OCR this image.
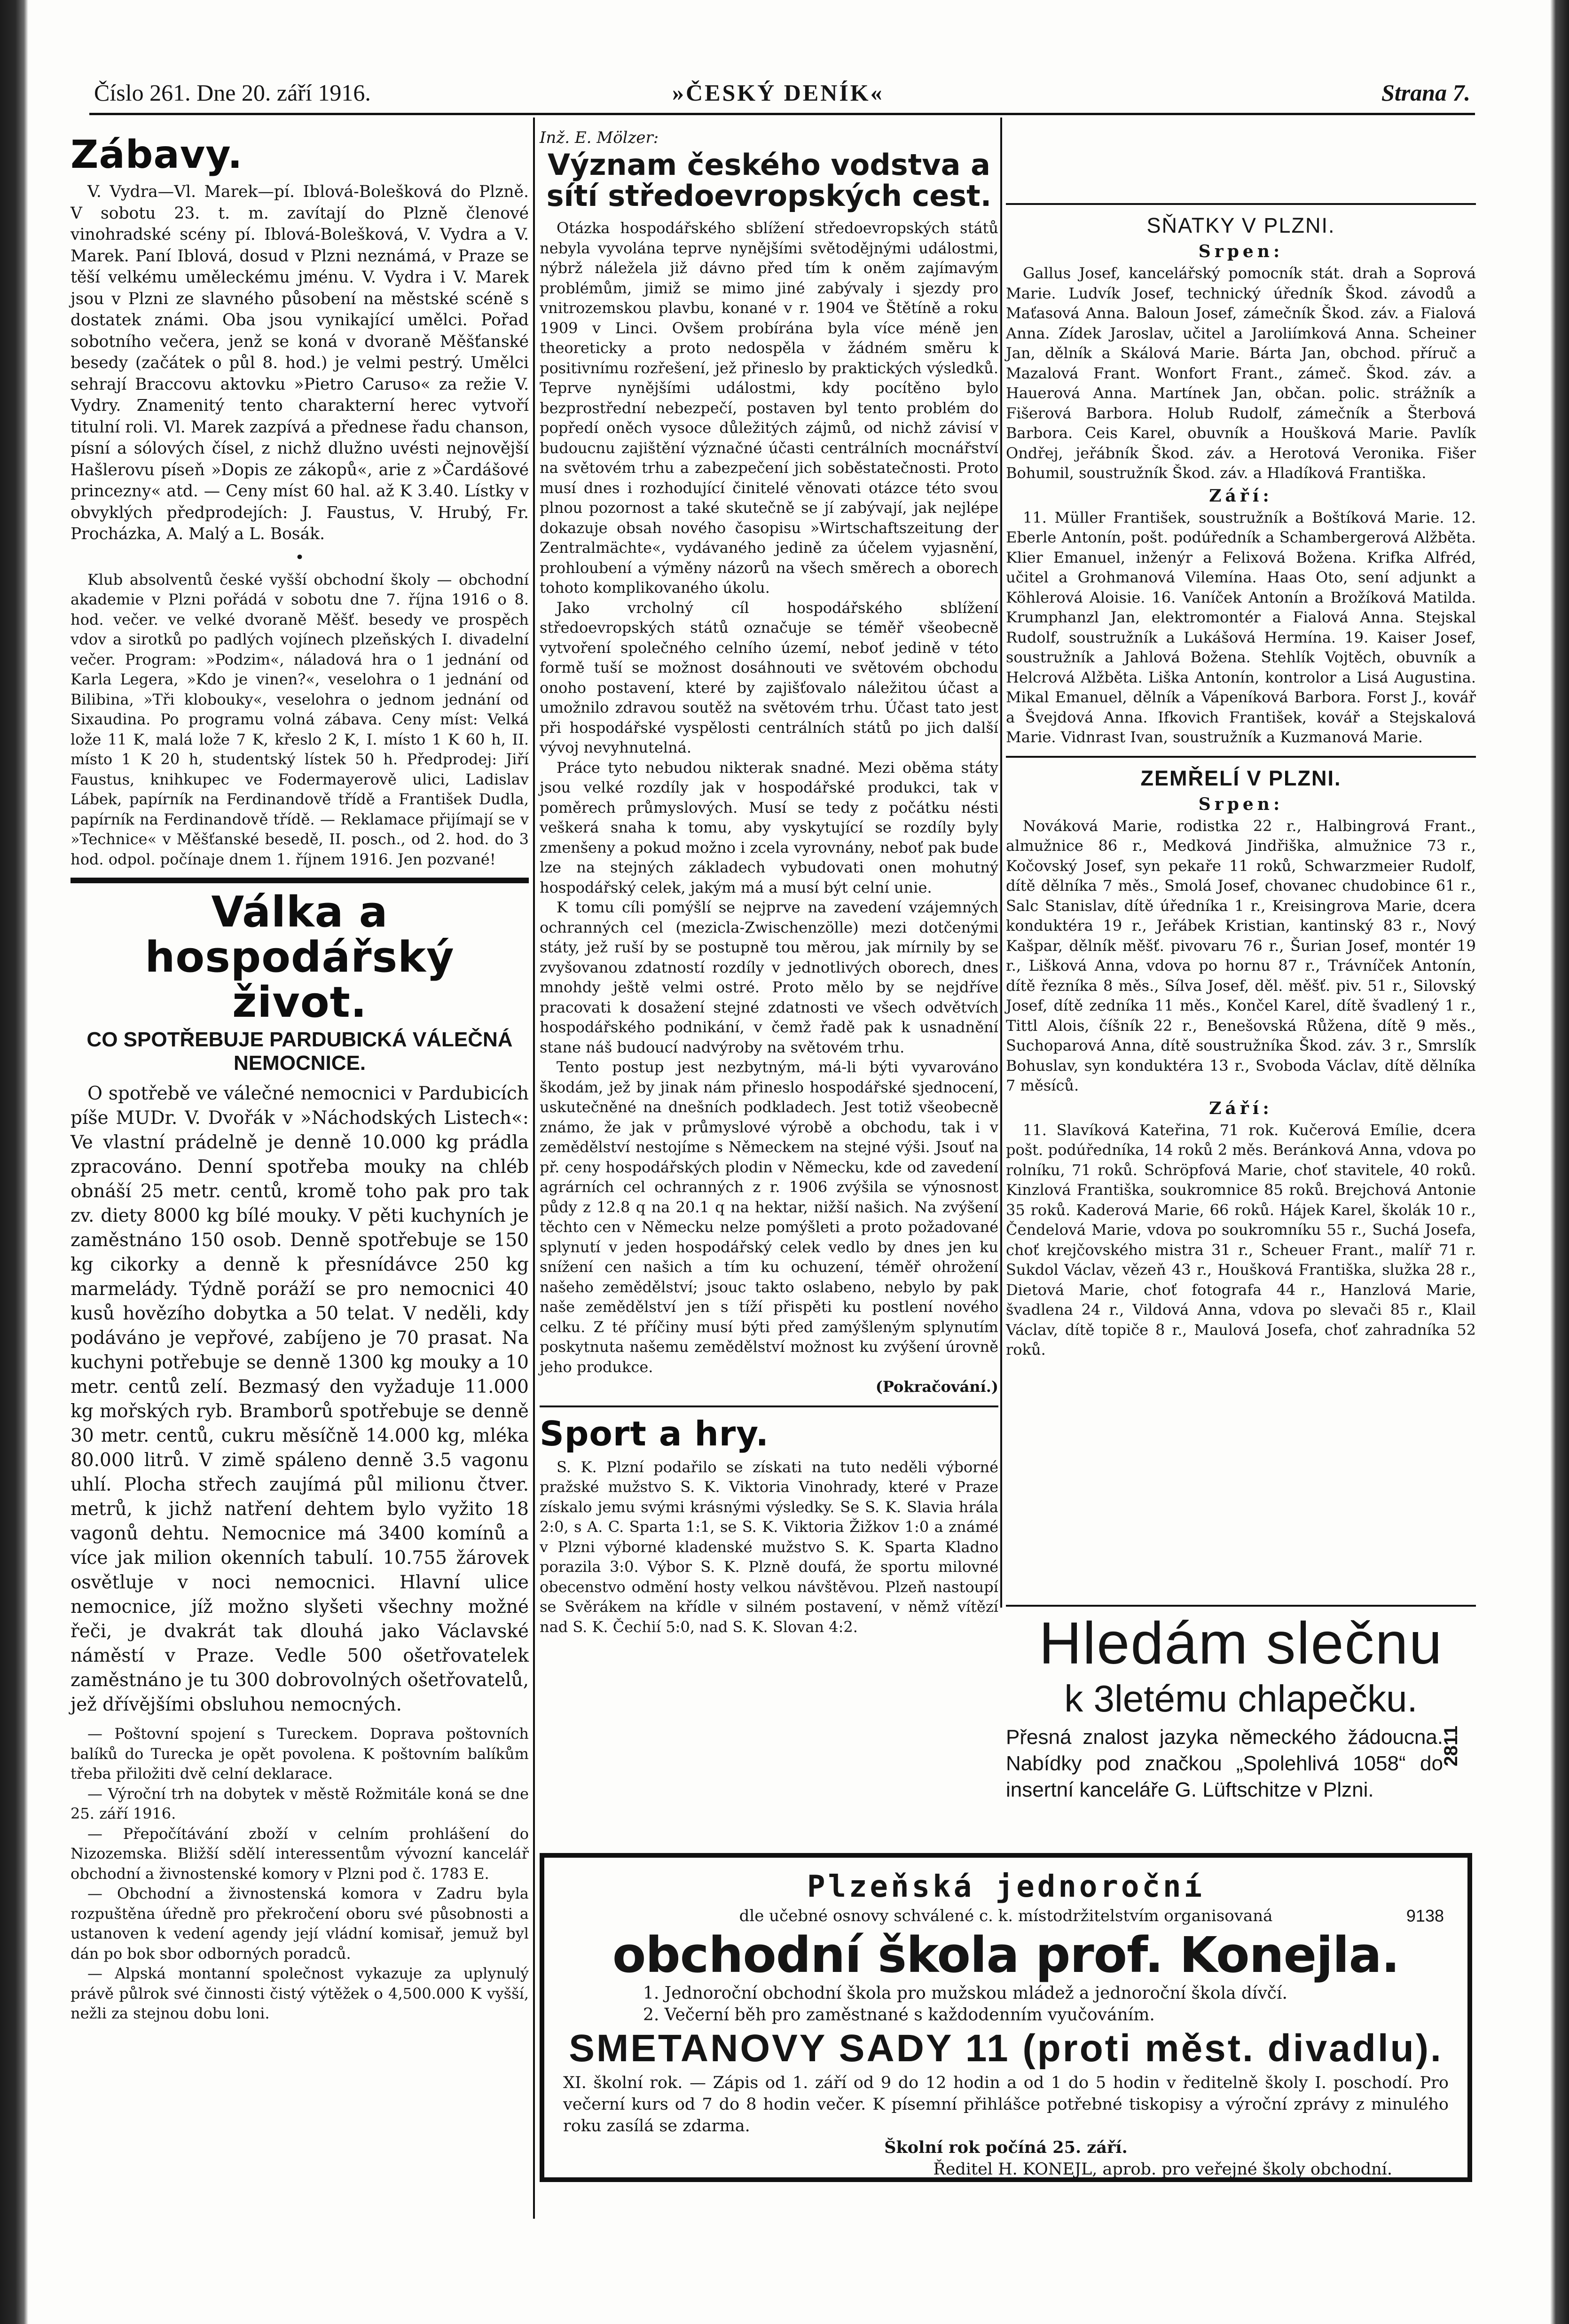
Číslo 261. Dne 20. září 1916.	»ČESKÝ DENÍK«	Strana 7.
Zábavy.

V. Vydra—Vl. Marek—pí. Iblová-Bolešková do Plzně. V sobotu 23. t. m. zavítají do Plzně členové vinohradské scény pí. Iblová-Bolešková, V. Vydra a V. Marek. Paní Iblová, dosud v Plzni neznámá, v Praze se těší velkému uměleckému jménu. V. Vydra i V. Marek jsou v Plzni ze slavného působení na městské scéně s dostatek známi. Oba jsou vynikající umělci. Pořad sobotního večera, jenž se koná v dvoraně Měšťanské besedy (začátek o půl 8. hod.) je velmi pestrý. Umělci sehrají Braccovu aktovku »Pietro Caruso« za režie V. Vydry. Znamenitý tento charakterní herec vytvoří titulní roli. Vl. Marek zazpívá a přednese řadu chanson, písní a sólových čísel, z nichž dlužno uvésti nejnovější Hašlerovu píseň »Dopis ze zákopů«, arie z »Čardášové princezny« atd. — Ceny míst 60 hal. až K 3.40. Lístky v obvyklých předprodejích: J. Faustus, V. Hrubý, Fr. Procházka, A. Malý a L. Bosák.

•

Klub absolventů české vyšší obchodní školy — obchodní akademie v Plzni pořádá v sobotu dne 7. října 1916 o 8. hod. večer. ve velké dvoraně Měšť. besedy ve prospěch vdov a sirotků po padlých vojínech plzeňských I. divadelní večer. Program: »Podzim«, náladová hra o 1 jednání od Karla Legera, »Kdo je vinen?«, veselohra o 1 jednání od Bilibina, »Tři klobouky«, veselohra o jednom jednání od Sixaudina. Po programu volná zábava. Ceny míst: Velká lože 11 K, malá lože 7 K, křeslo 2 K, I. místo 1 K 60 h, II. místo 1 K 20 h, studentský lístek 50 h. Předprodej: Jiří Faustus, knihkupec ve Fodermayerově ulici, Ladislav Lábek, papírník na Ferdinandově třídě a František Dudla, papírník na Ferdinandově třídě. — Reklamace přijímají se v »Technice« v Měšťanské besedě, II. posch., od 2. hod. do 3 hod. odpol. počínaje dnem 1. říjnem 1916. Jen pozvané!

Válka a hospodářský život.
CO SPOTŘEBUJE PARDUBICKÁ VÁLEČNÁ NEMOCNICE.

O spotřebě ve válečné nemocnici v Pardubicích píše MUDr. V. Dvořák v »Náchodských Listech«: Ve vlastní prádelně je denně 10.000 kg prádla zpracováno. Denní spotřeba mouky na chléb obnáší 25 metr. centů, kromě toho pak pro tak zv. diety 8000 kg bílé mouky. V pěti kuchyních je zaměstnáno 150 osob. Denně spotřebuje se 150 kg cikorky a denně k přesnídávce 250 kg marmelády. Týdně poráží se pro nemocnici 40 kusů hovězího dobytka a 50 telat. V neděli, kdy podáváno je vepřové, zabíjeno je 70 prasat. Na kuchyni potřebuje se denně 1300 kg mouky a 10 metr. centů zelí. Bezmasý den vyžaduje 11.000 kg mořských ryb. Bramborů spotřebuje se denně 30 metr. centů, cukru měsíčně 14.000 kg, mléka 80.000 litrů. V zimě spáleno denně 3.5 vagonu uhlí. Plocha střech zaujímá půl milionu čtver. metrů, k jichž natření dehtem bylo vyžito 18 vagonů dehtu. Nemocnice má 3400 komínů a více jak milion okenních tabulí. 10.755 žárovek osvětluje v noci nemocnici. Hlavní ulice nemocnice, jíž možno slyšeti všechny možné řeči, je dvakrát tak dlouhá jako Václavské náměstí v Praze. Vedle 500 ošetřovatelek zaměstnáno je tu 300 dobrovolných ošetřovatelů, jež dřívějšími obsluhou nemocných.

— Poštovní spojení s Tureckem. Doprava poštovních balíků do Turecka je opět povolena. K poštovním balíkům třeba přiložiti dvě celní deklarace.

— Výroční trh na dobytek v městě Rožmitále koná se dne 25. září 1916.

— Přepočítávání zboží v celním prohlášení do Nizozemska. Bližší sdělí interessentům vývozní kancelář obchodní a živnostenské komory v Plzni pod č. 1783 E.

— Obchodní a živnostenská komora v Zadru byla rozpuštěna úředně pro překročení oboru své působnosti a ustanoven k vedení agendy její vládní komisař, jemuž byl dán po bok sbor odborných poradců.

— Alpská montanní společnost vykazuje za uplynulý právě půlrok své činnosti čistý výtěžek o 4,500.000 K vyšší, nežli za stejnou dobu loni.

Inž. E. Mölzer:
Význam českého vodstva a sítí středoevropských cest.

Otázka hospodářského sblížení středoevropských států nebyla vyvolána teprve nynějšími světodějnými událostmi, nýbrž náležela již dávno před tím k oněm zajímavým problémům, jimiž se mimo jiné zabývaly i sjezdy pro vnitrozemskou plavbu, konané v r. 1904 ve Štětíně a roku 1909 v Linci. Ovšem probírána byla více méně jen theoreticky a proto nedospěla v žádném směru k positivnímu rozřešení, jež přineslo by praktických výsledků. Teprve nynějšími událostmi, kdy pocítěno bylo bezprostřední nebezpečí, postaven byl tento problém do popředí oněch vysoce důležitých zájmů, od nichž závisí v budoucnu zajištění význačné účasti centrálních mocnářství na světovém trhu a zabezpečení jich soběstatečnosti. Proto musí dnes i rozhodující činitelé věnovati otázce této svou plnou pozornost a také skutečně se jí zabývají, jak nejlépe dokazuje obsah nového časopisu »Wirtschaftszeitung der Zentralmächte«, vydávaného jedině za účelem vyjasnění, prohloubení a výměny názorů na všech směrech a oborech tohoto komplikovaného úkolu.

Jako vrcholný cíl hospodářského sblížení středoevropských států označuje se téměř všeobecně vytvoření společného celního území, neboť jedině v této formě tuší se možnost dosáhnouti ve světovém obchodu onoho postavení, které by zajišťovalo náležitou účast a umožnilo zdravou soutěž na světovém trhu. Účast tato jest při hospodářské vyspělosti centrálních států po jich další vývoj nevyhnutelná.

Práce tyto nebudou nikterak snadné. Mezi oběma státy jsou velké rozdíly jak v hospodářské produkci, tak v poměrech průmyslových. Musí se tedy z počátku nésti veškerá snaha k tomu, aby vyskytující se rozdíly byly zmenšeny a pokud možno i zcela vyrovnány, neboť pak bude lze na stejných základech vybudovati onen mohutný hospodářský celek, jakým má a musí být celní unie.

K tomu cíli pomýšlí se nejprve na zavedení vzájemných ochranných cel (mezicla-Zwischenzölle) mezi dotčenými státy, jež ruší by se postupně tou měrou, jak mírnily by se zvyšovanou zdatností rozdíly v jednotlivých oborech, dnes mnohdy ještě velmi ostré. Proto mělo by se nejdříve pracovati k dosažení stejné zdatnosti ve všech odvětvích hospodářského podnikání, v čemž řadě pak k usnadnění stane náš budoucí nadvýroby na světovém trhu.

Tento postup jest nezbytným, má-li býti vyvarováno škodám, jež by jinak nám přineslo hospodářské sjednocení, uskutečněné na dnešních podkladech. Jest totiž všeobecně známo, že jak v průmyslové výrobě a obchodu, tak i v zemědělství nestojíme s Německem na stejné výši. Jsouť na př. ceny hospodářských plodin v Německu, kde od zavedení agrárních cel ochranných z r. 1906 zvýšila se výnosnost půdy z 12.8 q na 20.1 q na hektar, nižší našich. Na zvýšení těchto cen v Německu nelze pomýšleti a proto požadované splynutí v jeden hospodářský celek vedlo by dnes jen ku snížení cen našich a tím ku ochuzení, téměř ohrožení našeho zemědělství; jsouc takto oslabeno, nebylo by pak naše zemědělství jen s tíží přispěti ku postlení nového celku. Z té příčiny musí býti před zamýšleným splynutím poskytnuta našemu zemědělství možnost ku zvýšení úrovně jeho produkce.

(Pokračování.)
Sport a hry.

S. K. Plzní podařilo se získati na tuto neděli výborné pražské mužstvo S. K. Viktoria Vinohrady, které v Praze získalo jemu svými krásnými výsledky. Se S. K. Slavia hrála 2:0, s A. C. Sparta 1:1, se S. K. Viktoria Žižkov 1:0 a známé v Plzni výborné kladenské mužstvo S. K. Sparta Kladno porazila 3:0. Výbor S. K. Plzně doufá, že sportu milovné obecenstvo odmění hosty velkou návštěvou. Plzeň nastoupí se Svěrákem na křídle v silném postavení, v němž vítězí nad S. K. Čechií 5:0, nad S. K. Slovan 4:2.

SŇATKY V PLZNI.
Srpen:

Gallus Josef, kancelářský pomocník stát. drah a Soprová Marie. Ludvík Josef, technický úředník Škod. závodů a Maťasová Anna. Baloun Josef, zámečník Škod. záv. a Fialová Anna. Zídek Jaroslav, učitel a Jaroliímková Anna. Scheiner Jan, dělník a Skálová Marie. Bárta Jan, obchod. příruč a Mazalová Frant. Wonfort Frant., zámeč. Škod. záv. a Hauerová Anna. Martínek Jan, občan. polic. strážník a Fišerová Barbora. Holub Rudolf, zámečník a Šterbová Barbora. Ceis Karel, obuvník a Houšková Marie. Pavlík Ondřej, jeřábník Škod. záv. a Herotová Veronika. Fišer Bohumil, soustružník Škod. záv. a Hladíková Františka.

Září:

11. Müller František, soustružník a Boštíková Marie. 12. Eberle Antonín, pošt. podúředník a Schambergerová Alžběta. Klier Emanuel, inženýr a Felixová Božena. Krifka Alfréd, učitel a Grohmanová Vilemína. Haas Oto, sení adjunkt a Köhlerová Aloisie. 16. Vaníček Antonín a Brožíková Matilda. Krumphanzl Jan, elektromontér a Fialová Anna. Stejskal Rudolf, soustružník a Lukášová Hermína. 19. Kaiser Josef, soustružník a Jahlová Božena. Stehlík Vojtěch, obuvník a Helcrová Alžběta. Liška Antonín, kontrolor a Lisá Augustina. Mikal Emanuel, dělník a Vápeníková Barbora. Forst J., kovář a Švejdová Anna. Ifkovich František, kovář a Stejskalová Marie. Vidnrast Ivan, soustružník a Kuzmanová Marie.

ZEMŘELÍ V PLZNI.
Srpen:

Nováková Marie, rodistka 22 r., Halbingrová Frant., almužnice 86 r., Medková Jindřiška, almužnice 73 r., Kočovský Josef, syn pekaře 11 roků, Schwarzmeier Rudolf, dítě dělníka 7 měs., Smolá Josef, chovanec chudobince 61 r., Salc Stanislav, dítě úředníka 1 r., Kreisingrova Marie, dcera konduktéra 19 r., Jeřábek Kristian, kantinský 83 r., Nový Kašpar, dělník měšť. pivovaru 76 r., Šurian Josef, montér 19 r., Lišková Anna, vdova po hornu 87 r., Trávníček Antonín, dítě řezníka 8 měs., Sílva Josef, děl. měšť. piv. 51 r., Silovský Josef, dítě zedníka 11 měs., Končel Karel, dítě švadlený 1 r., Tittl Alois, číšník 22 r., Benešovská Růžena, dítě 9 měs., Suchoparová Anna, dítě soustružníka Škod. záv. 3 r., Smrslík Bohuslav, syn konduktéra 13 r., Svoboda Václav, dítě dělníka 7 měsíců.

Září:

11. Slavíková Kateřina, 71 rok. Kučerová Emílie, dcera pošt. podúředníka, 14 roků 2 měs. Beránková Anna, vdova po rolníku, 71 roků. Schröpfová Marie, choť stavitele, 40 roků. Kinzlová Františka, soukromnice 85 roků. Brejchová Antonie 35 roků. Kaderová Marie, 66 roků. Hájek Karel, školák 10 r., Čendelová Marie, vdova po soukromníku 55 r., Suchá Josefa, choť krejčovského mistra 31 r., Scheuer Frant., malíř 71 r. Sukdol Václav, vězeň 43 r., Houšková Františka, služka 28 r., Dietová Marie, choť fotografa 44 r., Hanzlová Marie, švadlena 24 r., Vildová Anna, vdova po slevači 85 r., Klail Václav, dítě topiče 8 r., Maulová Josefa, choť zahradníka 52 roků.

Hledám slečnu
k 3letému chlapečku.

Přesná znalost jazyka německého žádoucna. Nabídky pod značkou „Spolehlivá 1058“ do insertní kanceláře G. Lüftschitze v Plzni.

2811
Plzeňská jednoroční
dle učebné osnovy schválené c. k. místodržitelstvím organisovaná	9138
obchodní škola prof. Konejla.
1. Jednoroční obchodní škola pro mužskou mládež a jednoroční škola dívčí.
2. Večerní běh pro zaměstnané s každodenním vyučováním.
SMETANOVY SADY 11 (proti měst. divadlu).

XI. školní rok. — Zápis od 1. září od 9 do 12 hodin a od 1 do 5 hodin v ředitelně školy I. poschodí. Pro večerní kurs od 7 do 8 hodin večer. K písemní přihlášce potřebné tiskopisy a výroční zprávy z minulého roku zasílá se zdarma.

Školní rok počíná 25. září.
Ředitel H. KONEJL, aprob. pro veřejné školy obchodní.
